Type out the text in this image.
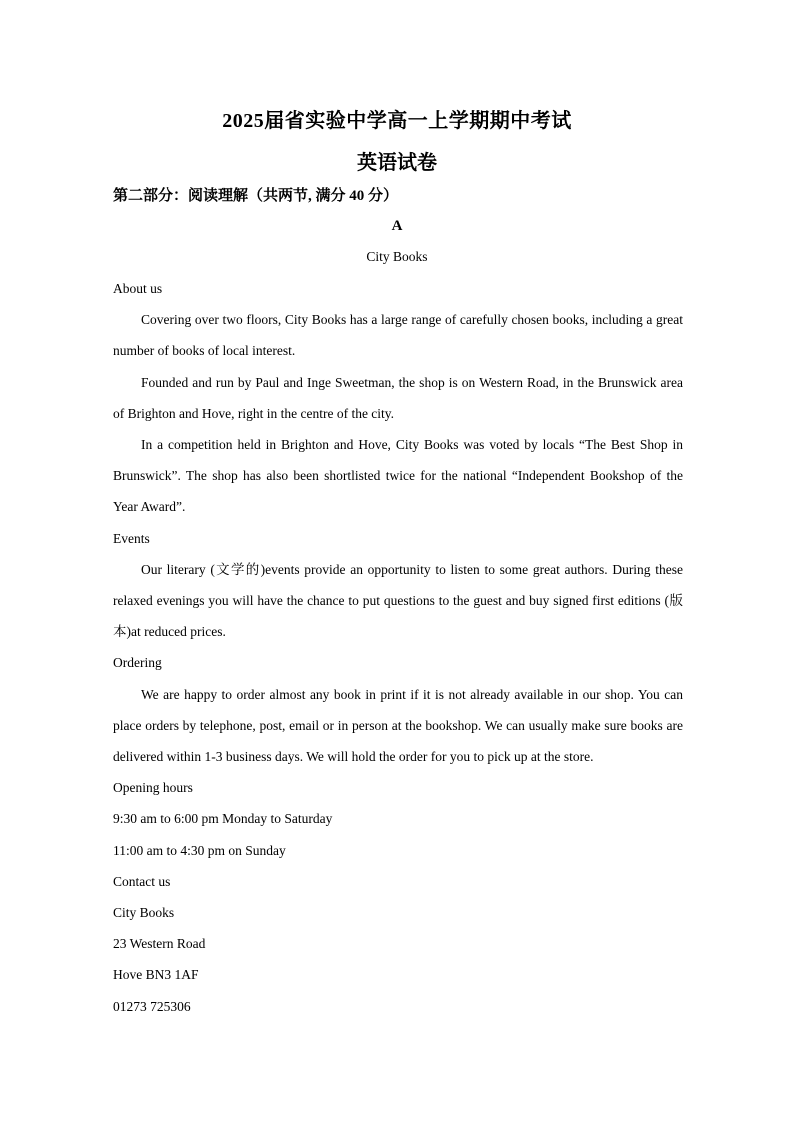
2025届省实验中学高一上学期期中考试
英语试卷
第二部分：阅读理解（共两节, 满分 40 分）
A
City Books

About us

Covering over two floors, City Books has a large range of carefully chosen books, including a great number of books of local interest.

Founded and run by Paul and Inge Sweetman, the shop is on Western Road, in the Brunswick area of Brighton and Hove, right in the centre of the city.

In a competition held in Brighton and Hove, City Books was voted by locals “The Best Shop in Brunswick”. The shop has also been shortlisted twice for the national “Independent Bookshop of the Year Award”.

Events

Our literary (文学的)events provide an opportunity to listen to some great authors. During these relaxed evenings you will have the chance to put questions to the guest and buy signed first editions (版本)at reduced prices.

Ordering

We are happy to order almost any book in print if it is not already available in our shop. You can place orders by telephone, post, email or in person at the bookshop. We can usually make sure books are delivered within 1-3 business days. We will hold the order for you to pick up at the store.

Opening hours

9:30 am to 6:00 pm Monday to Saturday

11:00 am to 4:30 pm on Sunday

Contact us

City Books

23 Western Road

Hove BN3 1AF

01273 725306
